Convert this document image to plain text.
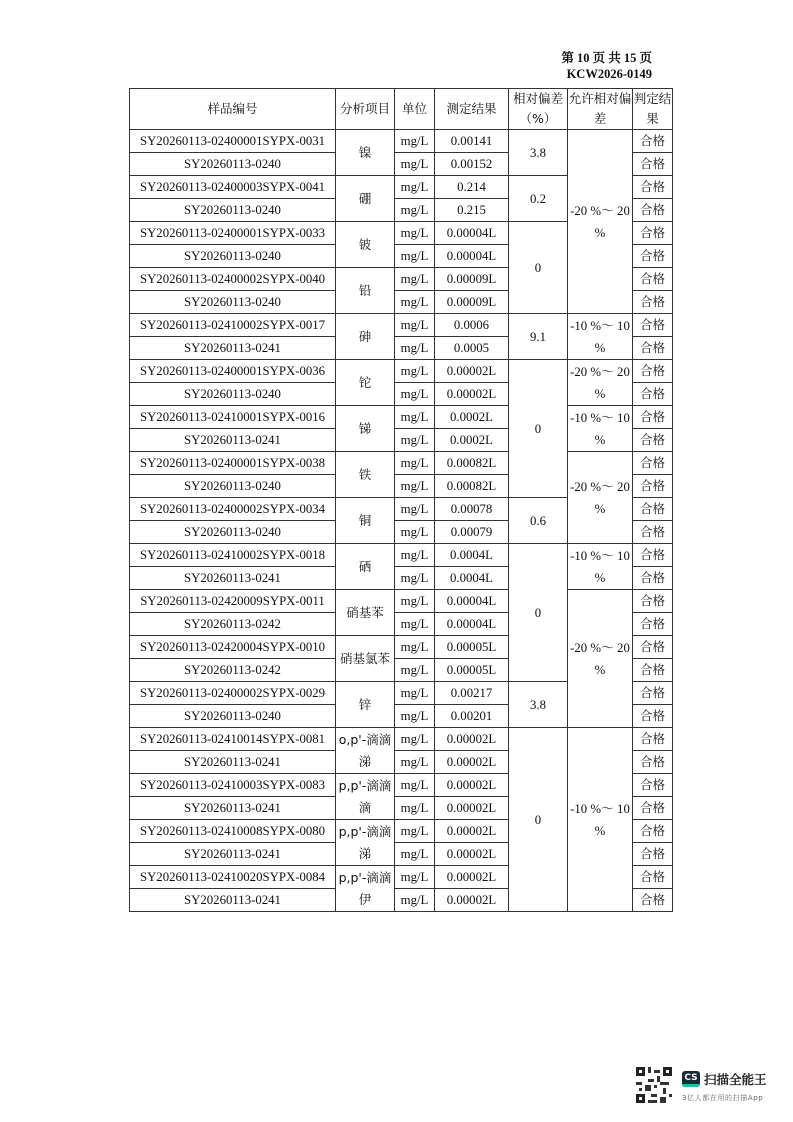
第 10 页 共 15 页
KCW2026-0149
样品编号	分析项目	单位	测定结果	相对偏差（%）	允许相对偏差	判定结果
SY20260113-02400001SYPX-0031	镍	mg/L	0.00141	3.8	-20 %～ 20 %	合格
SY20260113-0240		mg/L	0.00152			合格
SY20260113-02400003SYPX-0041	硼	mg/L	0.214	0.2		合格
SY20260113-0240		mg/L	0.215			合格
SY20260113-02400001SYPX-0033	铍	mg/L	0.00004L	0		合格
SY20260113-0240		mg/L	0.00004L			合格
SY20260113-02400002SYPX-0040	铅	mg/L	0.00009L			合格
SY20260113-0240		mg/L	0.00009L			合格
SY20260113-02410002SYPX-0017	砷	mg/L	0.0006	9.1	-10 %～ 10 %	合格
SY20260113-0241		mg/L	0.0005			合格
SY20260113-02400001SYPX-0036	铊	mg/L	0.00002L	0	-20 %～ 20 %	合格
SY20260113-0240		mg/L	0.00002L			合格
SY20260113-02410001SYPX-0016	锑	mg/L	0.0002L		-10 %～ 10 %	合格
SY20260113-0241		mg/L	0.0002L			合格
SY20260113-02400001SYPX-0038	铁	mg/L	0.00082L		-20 %～ 20 %	合格
SY20260113-0240		mg/L	0.00082L			合格
SY20260113-02400002SYPX-0034	铜	mg/L	0.00078	0.6		合格
SY20260113-0240		mg/L	0.00079			合格
SY20260113-02410002SYPX-0018	硒	mg/L	0.0004L	0	-10 %～ 10 %	合格
SY20260113-0241		mg/L	0.0004L			合格
SY20260113-02420009SYPX-0011	硝基苯	mg/L	0.00004L		-20 %～ 20 %	合格
SY20260113-0242		mg/L	0.00004L			合格
SY20260113-02420004SYPX-0010	硝基氯苯	mg/L	0.00005L			合格
SY20260113-0242		mg/L	0.00005L			合格
SY20260113-02400002SYPX-0029	锌	mg/L	0.00217	3.8		合格
SY20260113-0240		mg/L	0.00201			合格
SY20260113-02410014SYPX-0081	o,p'-滴滴涕	mg/L	0.00002L	0	-10 %～ 10 %	合格
SY20260113-0241		mg/L	0.00002L			合格
SY20260113-02410003SYPX-0083	p,p'-滴滴滴	mg/L	0.00002L			合格
SY20260113-0241		mg/L	0.00002L			合格
SY20260113-02410008SYPX-0080	p,p'-滴滴涕	mg/L	0.00002L			合格
SY20260113-0241		mg/L	0.00002L			合格
SY20260113-02410020SYPX-0084	p,p'-滴滴伊	mg/L	0.00002L			合格
SY20260113-0241		mg/L	0.00002L			合格
CS 扫描全能王
3亿人都在用的扫描App
